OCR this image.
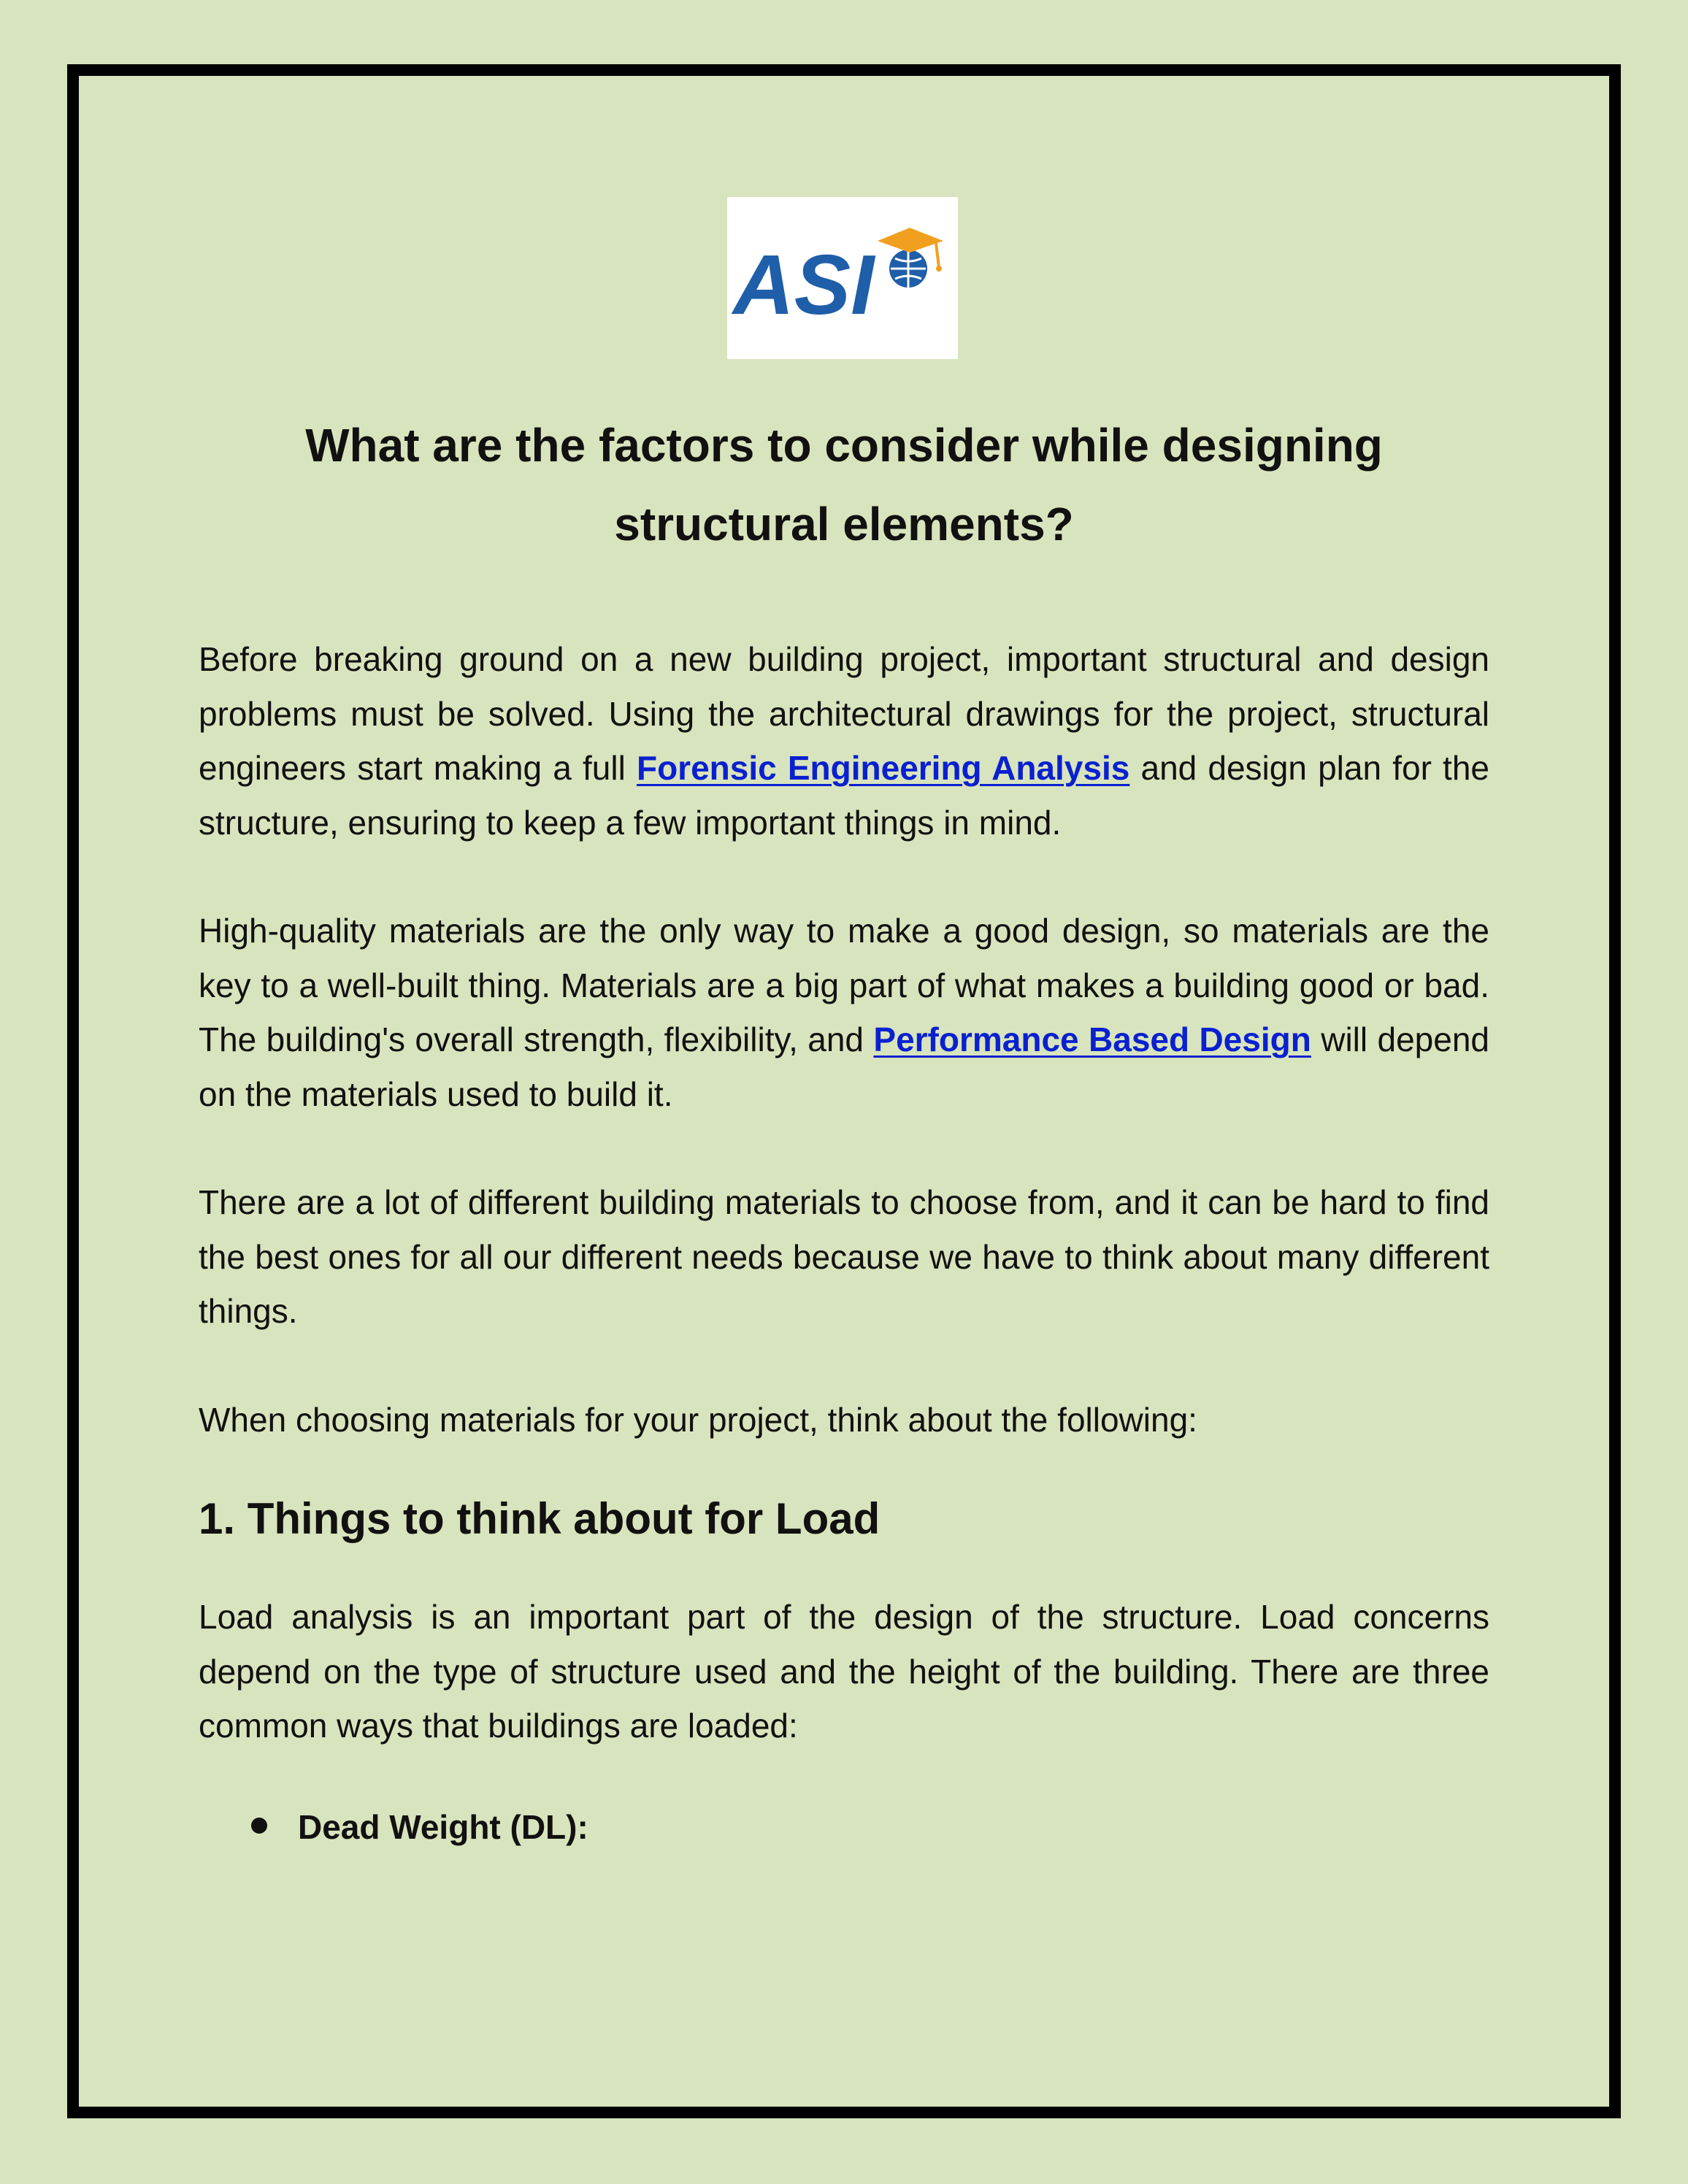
ASI
What are the factors to consider while designing
structural elements?

Before breaking ground on a new building project, important structural and design problems must be solved. Using the architectural drawings for the project, structural engineers start making a full Forensic Engineering Analysis and design plan for the structure, ensuring to keep a few important things in mind.

High-quality materials are the only way to make a good design, so materials are the key to a well-built thing. Materials are a big part of what makes a building good or bad. The building's overall strength, flexibility, and Performance Based Design will depend on the materials used to build it.

There are a lot of different building materials to choose from, and it can be hard to find the best ones for all our different needs because we have to think about many different things.

When choosing materials for your project, think about the following:

1. Things to think about for Load

Load analysis is an important part of the design of the structure. Load concerns depend on the type of structure used and the height of the building. There are three common ways that buildings are loaded:

Dead Weight (DL):
